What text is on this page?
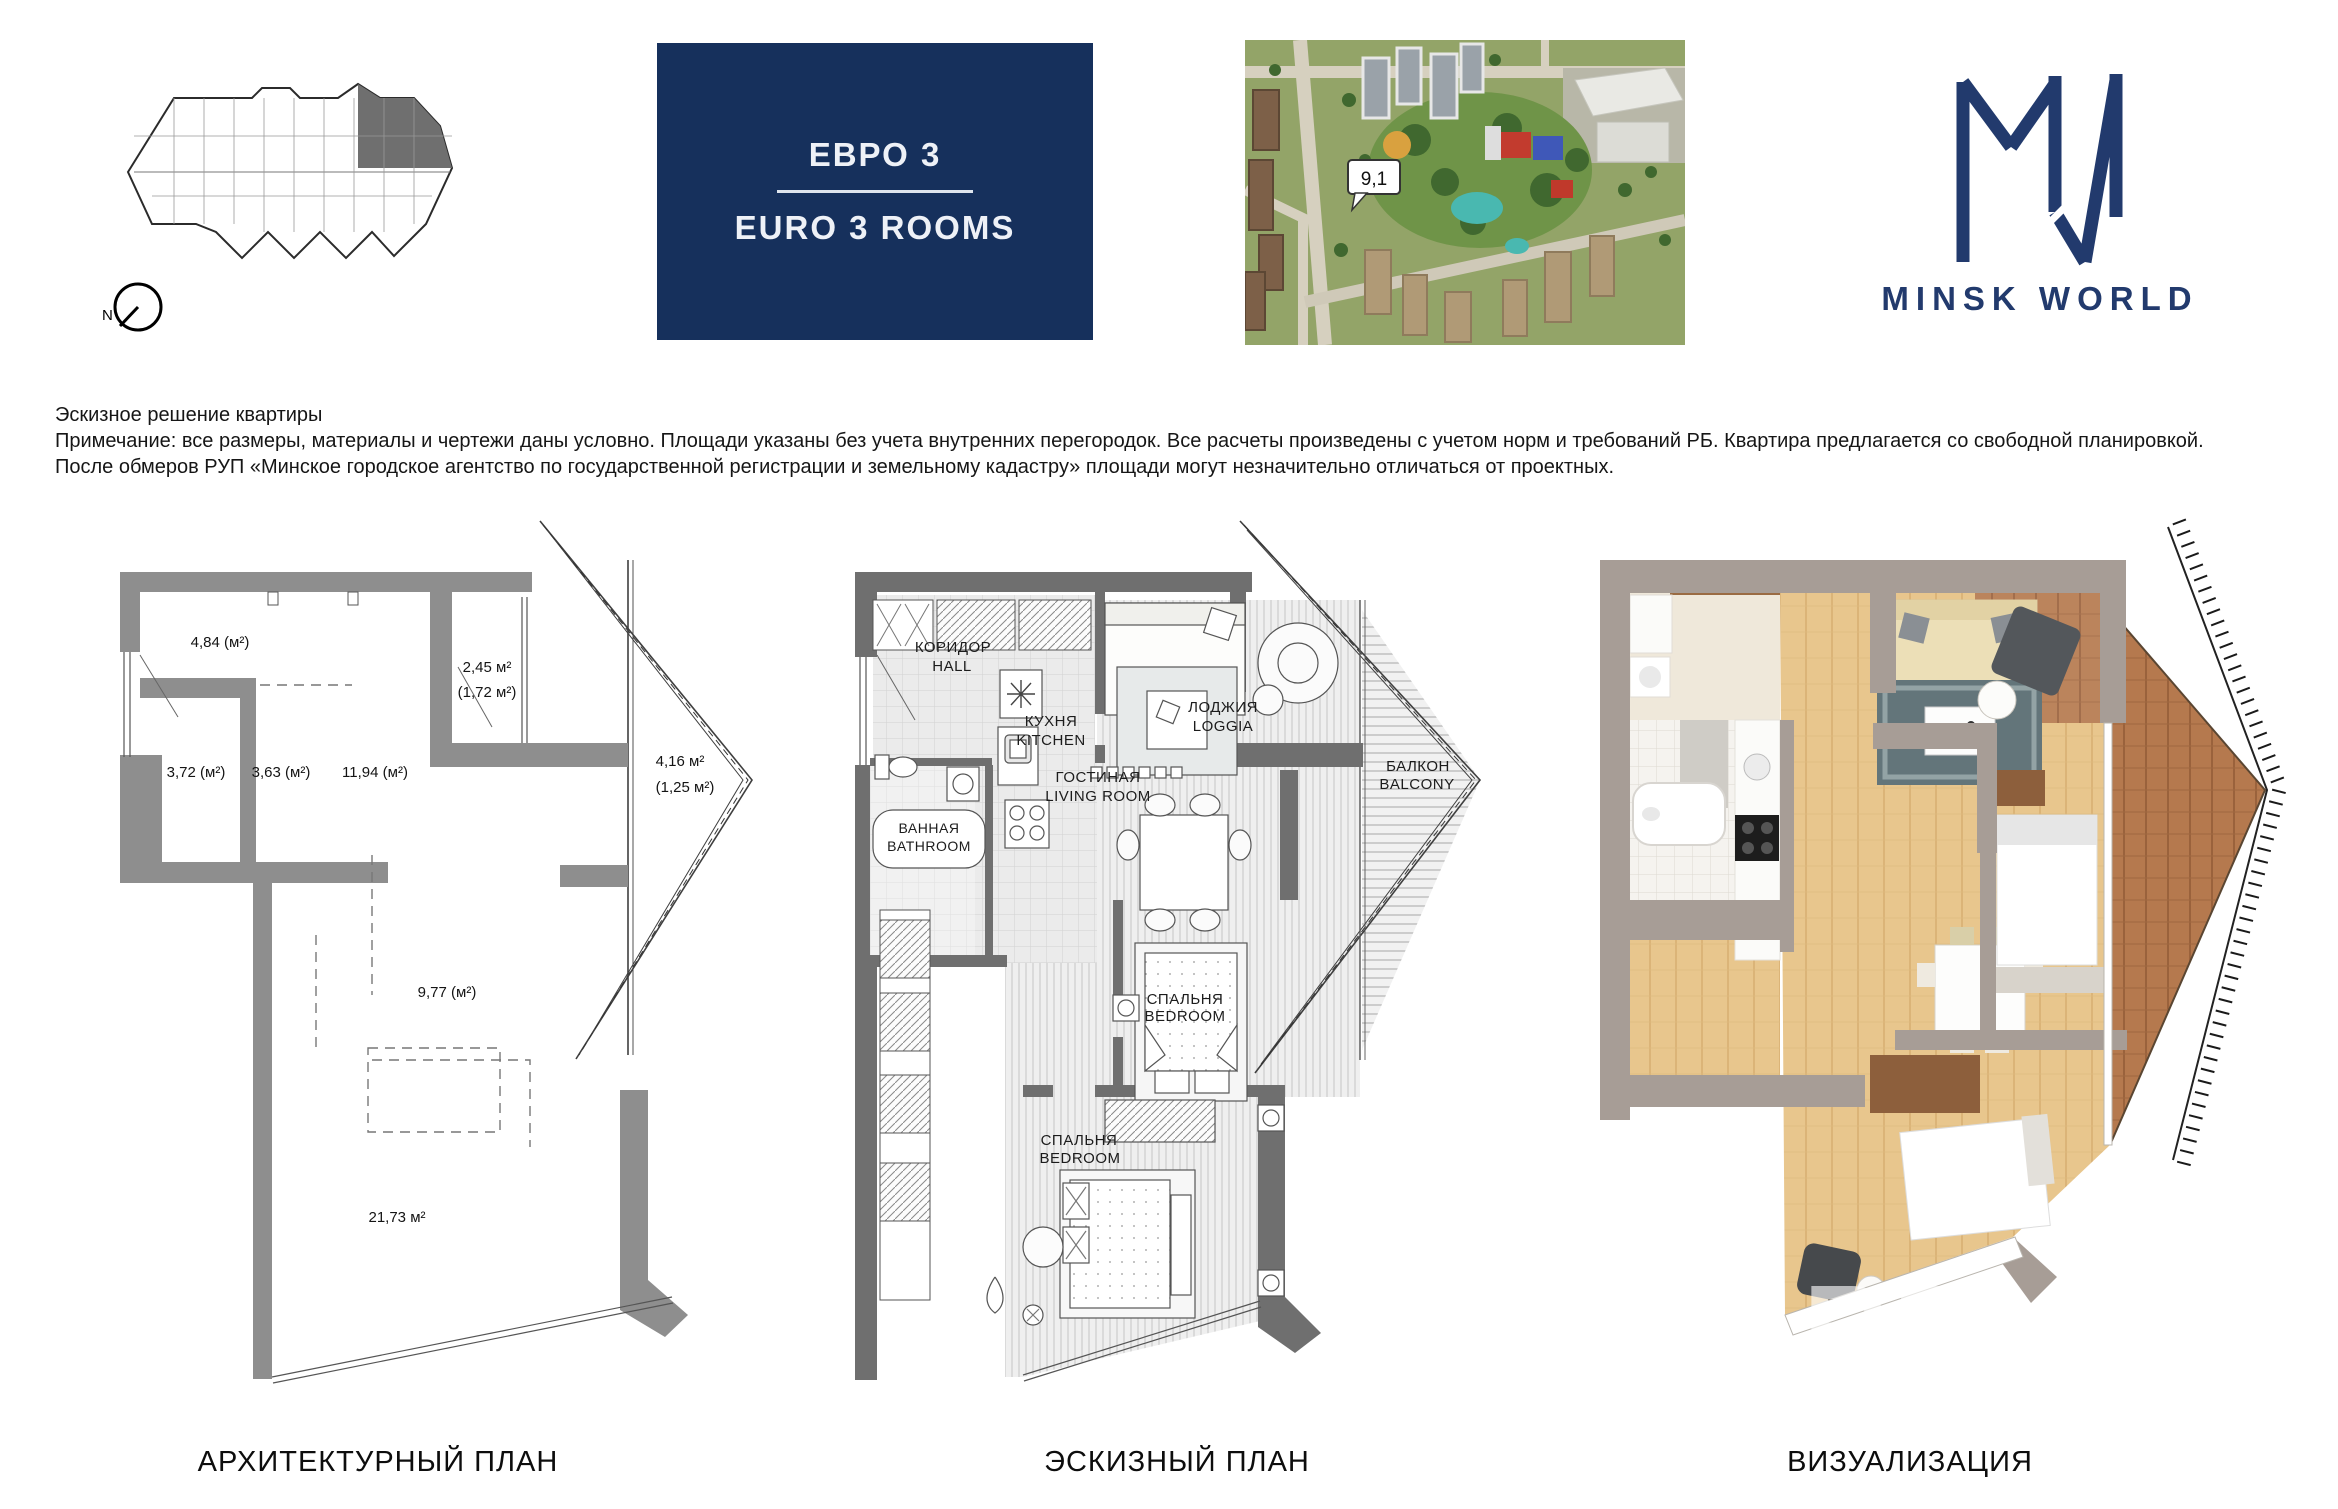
N
ЕВРО 3
EURO 3 ROOMS
9,1
MINSK WORLD
Эскизное решение квартиры
Примечание: все размеры, материалы и чертежи даны условно. Площади указаны без учета внутренних перегородок. Все расчеты произведены с учетом норм и требований РБ. Квартира предлагается со свободной планировкой.
После обмеров РУП «Минское городское агентство по государственной регистрации и земельному кадастру» площади могут незначительно отличаться от проектных.
4,84 (м²)
2,45 м²
(1,72 м²)
3,72 (м²) 3,63 (м²) 11,94 (м²)
4,16 м²
(1,25 м²)
9,77 (м²)
21,73 м²
КОРИДОР
HALL
КУХНЯ
KITCHEN
ВАННАЯ
BATHROOM
ГОСТИНАЯ
LIVING ROOM
ЛОДЖИЯ
LOGGIA
БАЛКОН
BALCONY
СПАЛЬНЯ
BEDROOM
СПАЛЬНЯ
BEDROOM
REaLT
АРХИТЕКТУРНЫЙ ПЛАН	ЭСКИЗНЫЙ ПЛАН	ВИЗУАЛИЗАЦИЯ
